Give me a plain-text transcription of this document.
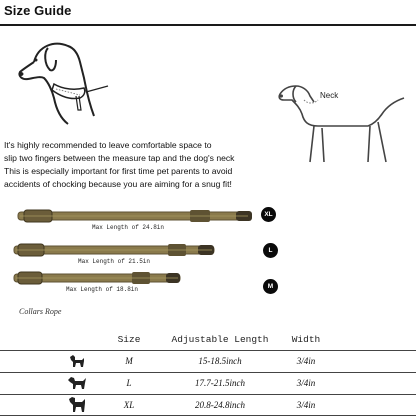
Size Guide
Neck
It's highly recommended to leave comfortable space to
slip two fingers between the measure tap and the dog's neck
This is especially important for first time pet parents to avoid
accidents of chocking because you are aiming for a snug fit!
Max Length of 24.8in
XL
Max Length of 21.5in
L
Max Length of 18.8in	M
Collars Rope
Size	Adjustable Length	Width
M	15-18.5inch	3/4in
L	17.7-21.5inch	3/4in
XL	20.8-24.8inch	3/4in
